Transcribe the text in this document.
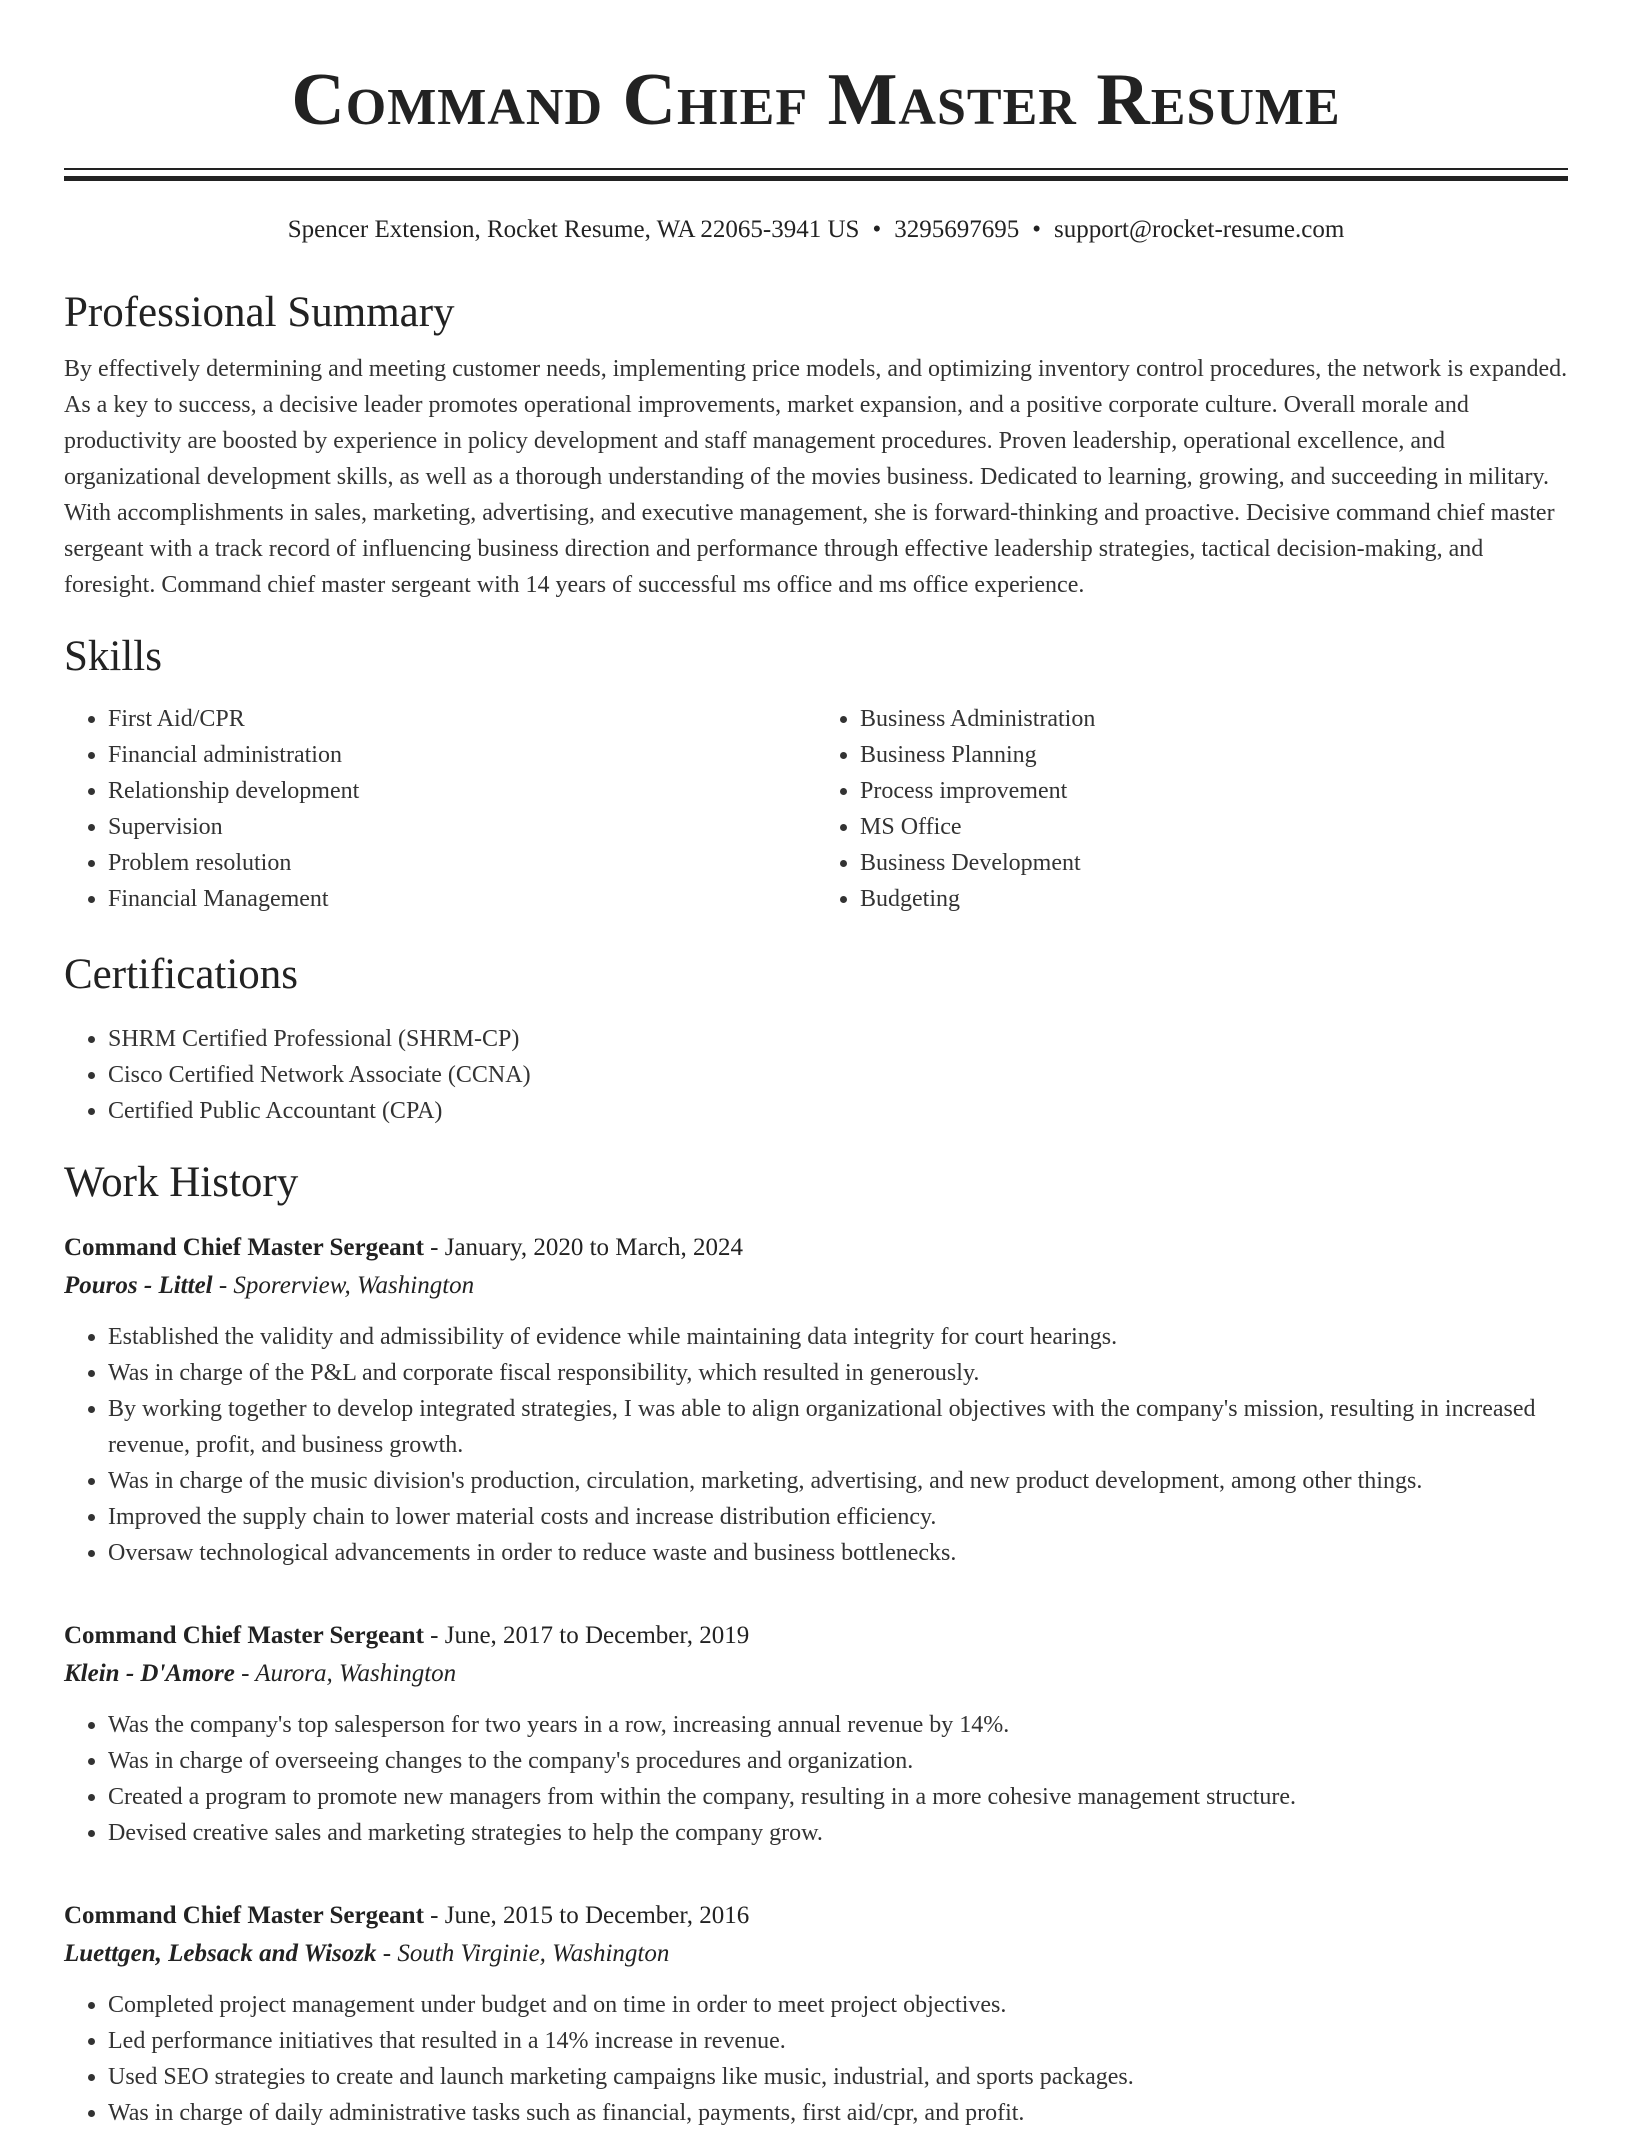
Command Chief Master Resume
Spencer Extension, Rocket Resume, WA 22065-3941 US • 3295697695 • support@rocket-resume.com
Professional Summary

By effectively determining and meeting customer needs, implementing price models, and optimizing inventory control procedures, the network is expanded. As a key to success, a decisive leader promotes operational improvements, market expansion, and a positive corporate culture. Overall morale and productivity are boosted by experience in policy development and staff management procedures. Proven leadership, operational excellence, and organizational development skills, as well as a thorough understanding of the movies business. Dedicated to learning, growing, and succeeding in military. With accomplishments in sales, marketing, advertising, and executive management, she is forward-thinking and proactive. Decisive command chief master sergeant with a track record of influencing business direction and performance through effective leadership strategies, tactical decision-making, and foresight. Command chief master sergeant with 14 years of successful ms office and ms office experience.

Skills
• First Aid/CPR
• Financial administration
• Relationship development
• Supervision
• Problem resolution
• Financial Management
• Business Administration
• Business Planning
• Process improvement
• MS Office
• Business Development
• Budgeting
Certifications
• SHRM Certified Professional (SHRM-CP)
• Cisco Certified Network Associate (CCNA)
• Certified Public Accountant (CPA)
Work History
Command Chief Master Sergeant - January, 2020 to March, 2024
Pouros - Littel - Sporerview, Washington
• Established the validity and admissibility of evidence while maintaining data integrity for court hearings.
• Was in charge of the P&L and corporate fiscal responsibility, which resulted in generously.
• By working together to develop integrated strategies, I was able to align organizational objectives with the company's mission, resulting in increased revenue, profit, and business growth.
• Was in charge of the music division's production, circulation, marketing, advertising, and new product development, among other things.
• Improved the supply chain to lower material costs and increase distribution efficiency.
• Oversaw technological advancements in order to reduce waste and business bottlenecks.
Command Chief Master Sergeant - June, 2017 to December, 2019
Klein - D'Amore - Aurora, Washington
• Was the company's top salesperson for two years in a row, increasing annual revenue by 14%.
• Was in charge of overseeing changes to the company's procedures and organization.
• Created a program to promote new managers from within the company, resulting in a more cohesive management structure.
• Devised creative sales and marketing strategies to help the company grow.
Command Chief Master Sergeant - June, 2015 to December, 2016
Luettgen, Lebsack and Wisozk - South Virginie, Washington
• Completed project management under budget and on time in order to meet project objectives.
• Led performance initiatives that resulted in a 14% increase in revenue.
• Used SEO strategies to create and launch marketing campaigns like music, industrial, and sports packages.
• Was in charge of daily administrative tasks such as financial, payments, first aid/cpr, and profit.
